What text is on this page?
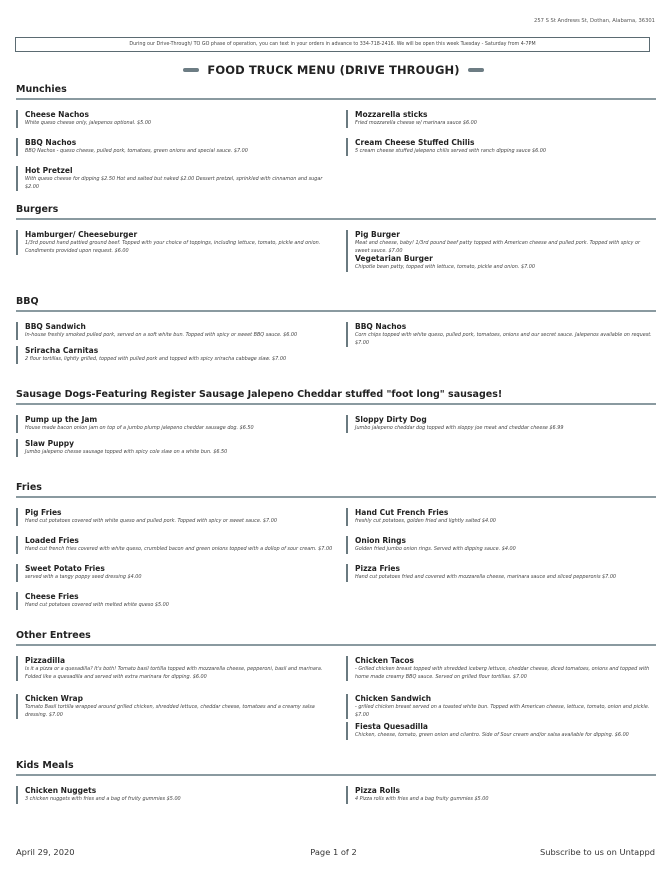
257 S St Andrews St, Dothan, Alabama, 36301
During our Drive-Through/ TO GO phase of operation, you can text in your orders in advance to 334-718-2416. We will be open this week Tuesday - Saturday from 4-7PM
FOOD TRUCK MENU (DRIVE THROUGH)
Munchies
Cheese Nachos
White queso cheese only, jalepenos optional. $5.00
BBQ Nachos
BBQ Nachos - queso cheese, pulled pork, tomatoes, green onions and special sauce. $7.00
Hot Pretzel
With queso cheese for dipping $2.50 Hot and salted but naked $2.00 Dessert pretzel, sprinkled with cinnamon and sugar $2.00
Mozzarella sticks
Fried mozzarella cheese w/ marinara sauce $6.00
Cream Cheese Stuffed Chilis
5 cream cheese stuffed jalepeno chilis served with ranch dipping sauce $6.00
Burgers
Hamburger/ Cheeseburger
1/3rd pound hand pattied ground beef. Topped with your choice of toppings, including lettuce, tomato, pickle and onion. Condiments provided upon request. $6.00
Pig Burger
Meat and cheese, baby! 1/3rd pound beef patty topped with American cheese and pulled pork. Topped with spicy or sweet sauce. $7.00
Vegetarian Burger
Chipotle bean patty, topped with lettuce, tomato, pickle and onion. $7.00
BBQ
BBQ Sandwich
In-house freshly smoked pulled pork, served on a soft white bun. Topped with spicy or sweet BBQ sauce. $6.00
Sriracha Carnitas
2 flour tortillas, lightly grilled, topped with pulled pork and topped with spicy sriracha cabbage slaw. $7.00
BBQ Nachos
Corn chips topped with white queso, pulled pork, tomatoes, onions and our secret sauce. Jalepenos available on request. $7.00
Sausage Dogs-Featuring Register Sausage Jalepeno Cheddar stuffed "foot long" sausages!
Pump up the Jam
House made bacon onion jam on top of a jumbo plump jalepeno cheddar sausage dog. $6.50
Slaw Puppy
Jumbo jalepeno chesse sausage topped with spicy cole slaw on a white bun. $6.50
Sloppy Dirty Dog
Jumbo jalepeno cheddar dog topped with sloppy joe meat and cheddar cheese $6.99
Fries
Pig Fries
Hand cut potatoes covered with white queso and pulled pork. Topped with spicy or sweet sauce. $7.00
Loaded Fries
Hand cut french fries covered with white queso, crumbled bacon and green onions topped with a dollop of sour cream. $7.00
Sweet Potato Fries
served with a tangy poppy seed dressing $4.00
Cheese Fries
Hand cut potatoes covered with melted white queso $5.00
Hand Cut French Fries
freshly cut potatoes, golden fried and lightly salted $4.00
Onion Rings
Golden fried jumbo onion rings. Served with dipping sauce. $4.00
Pizza Fries
Hand cut potatoes fried and covered with mozzarella cheese, marinara sauce and sliced pepperonis $7.00
Other Entrees
Pizzadilla
Is it a pizza or a quesadilla? It's both! Tomato basil tortilla topped with mozzarella cheese, pepperoni, basil and marinara. Folded like a quesadilla and served with extra marinara for dipping. $6.00
Chicken Wrap
Tomato Basil tortilla wrapped around grilled chicken, shredded lettuce, cheddar cheese, tomatoes and a creamy salsa dressing. $7.00
Chicken Tacos
- Grilled chicken breast topped with shredded iceberg lettuce, cheddar cheese, diced tomatoes, onions and topped with home made creamy BBQ sauce. Served on grilled flour tortillas. $7.00
Chicken Sandwich
- grilled chicken breast served on a toasted white bun. Topped with American cheese, lettuce, tomato, onion and pickle. $7.00
Fiesta Quesadilla
Chicken, cheese, tomato, green onion and cilantro. Side of Sour cream and/or salsa available for dipping. $6.00
Kids Meals
Chicken Nuggets
3 chicken nuggets with fries and a bag of fruity gummies $5.00
Pizza Rolls
4 Pizza rolls with fries and a bag fruity gummies $5.00
April 29, 2020	Page 1 of 2	Subscribe to us on Untappd
